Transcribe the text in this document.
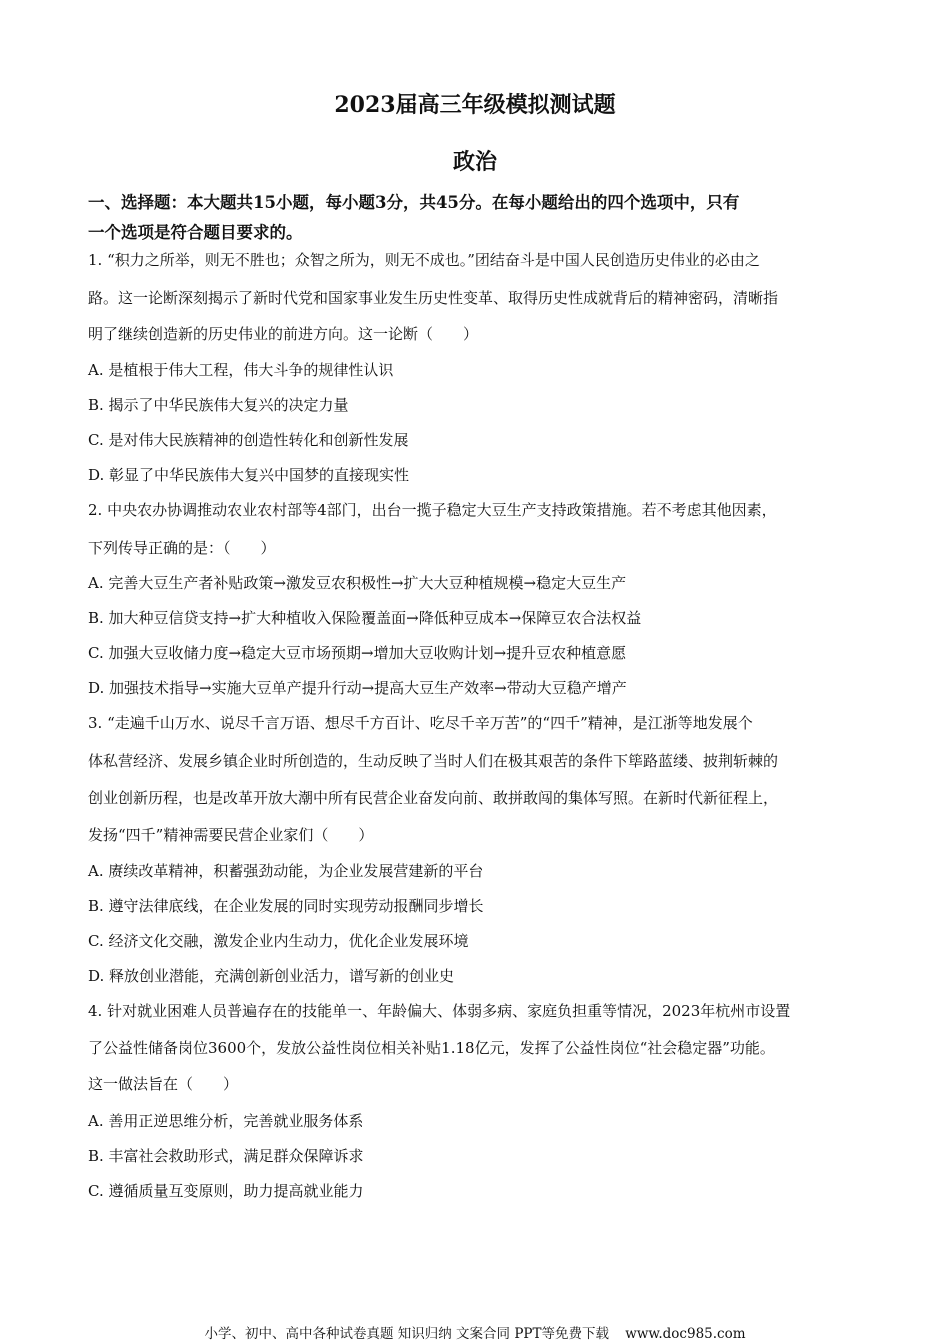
2023届高三年级模拟测试题
政治
一、选择题：本大题共15小题，每小题3分，共45分。在每小题给出的四个选项中，只有
一个选项是符合题目要求的。
1. “积力之所举，则无不胜也；众智之所为，则无不成也。”团结奋斗是中国人民创造历史伟业的必由之
路。这一论断深刻揭示了新时代党和国家事业发生历史性变革、取得历史性成就背后的精神密码，清晰指
明了继续创造新的历史伟业的前进方向。这一论断（　　）
A. 是植根于伟大工程，伟大斗争的规律性认识
B. 揭示了中华民族伟大复兴的决定力量
C. 是对伟大民族精神的创造性转化和创新性发展
D. 彰显了中华民族伟大复兴中国梦的直接现实性
2. 中央农办协调推动农业农村部等4部门，出台一揽子稳定大豆生产支持政策措施。若不考虑其他因素，
下列传导正确的是：（　　）
A. 完善大豆生产者补贴政策→激发豆农积极性→扩大大豆种植规模→稳定大豆生产
B. 加大种豆信贷支持→扩大种植收入保险覆盖面→降低种豆成本→保障豆农合法权益
C. 加强大豆收储力度→稳定大豆市场预期→增加大豆收购计划→提升豆农种植意愿
D. 加强技术指导→实施大豆单产提升行动→提高大豆生产效率→带动大豆稳产增产
3. “走遍千山万水、说尽千言万语、想尽千方百计、吃尽千辛万苦”的“四千”精神，是江浙等地发展个
体私营经济、发展乡镇企业时所创造的，生动反映了当时人们在极其艰苦的条件下筚路蓝缕、披荆斩棘的
创业创新历程，也是改革开放大潮中所有民营企业奋发向前、敢拼敢闯的集体写照。在新时代新征程上，
发扬“四千”精神需要民营企业家们（　　）
A. 赓续改革精神，积蓄强劲动能，为企业发展营建新的平台
B. 遵守法律底线，在企业发展的同时实现劳动报酬同步增长
C. 经济文化交融，激发企业内生动力，优化企业发展环境
D. 释放创业潜能，充满创新创业活力，谱写新的创业史
4. 针对就业困难人员普遍存在的技能单一、年龄偏大、体弱多病、家庭负担重等情况，2023年杭州市设置
了公益性储备岗位3600个，发放公益性岗位相关补贴1.18亿元，发挥了公益性岗位“社会稳定器”功能。
这一做法旨在（　　）
A. 善用正逆思维分析，完善就业服务体系
B. 丰富社会救助形式，满足群众保障诉求
C. 遵循质量互变原则，助力提高就业能力
小学、初中、高中各种试卷真题 知识归纳 文案合同 PPT等免费下载 www.doc985.com
